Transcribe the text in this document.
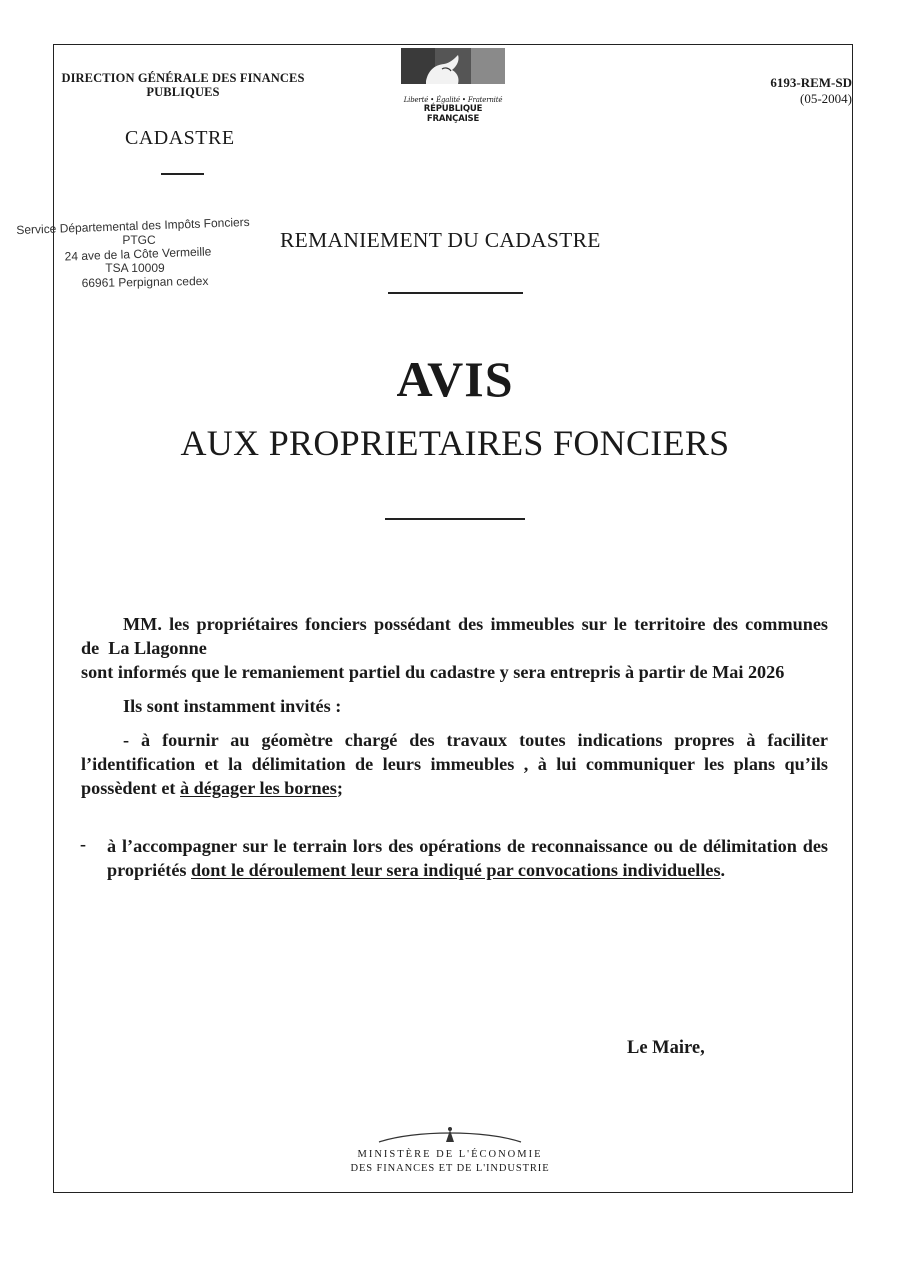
DIRECTION GÉNÉRALE DES FINANCES PUBLIQUES
CADASTRE
Liberté • Égalité • Fraternité
RÉPUBLIQUE FRANÇAISE
6193-REM-SD
(05-2004)
Service Départemental des Impôts Fonciers
PTGC
24 ave de la Côte Vermeille
TSA 10009
66961 Perpignan cedex
REMANIEMENT DU CADASTRE
AVIS
AUX PROPRIETAIRES FONCIERS

MM. les propriétaires fonciers possédant des immeubles sur le territoire des communes de La Llagonne

sont informés que le remaniement partiel du cadastre y sera entrepris à partir de Mai 2026

Ils sont instamment invités :

- à fournir au géomètre chargé des travaux toutes indications propres à faciliter l’identification et la délimitation de leurs immeubles , à lui communiquer les plans qu’ils possèdent et à dégager les bornes;

- à l’accompagner sur le terrain lors des opérations de reconnaissance ou de délimitation des propriétés dont le déroulement leur sera indiqué par convocations individuelles.
Le Maire,
MINISTÈRE DE L'ÉCONOMIE
DES FINANCES ET DE L'INDUSTRIE
